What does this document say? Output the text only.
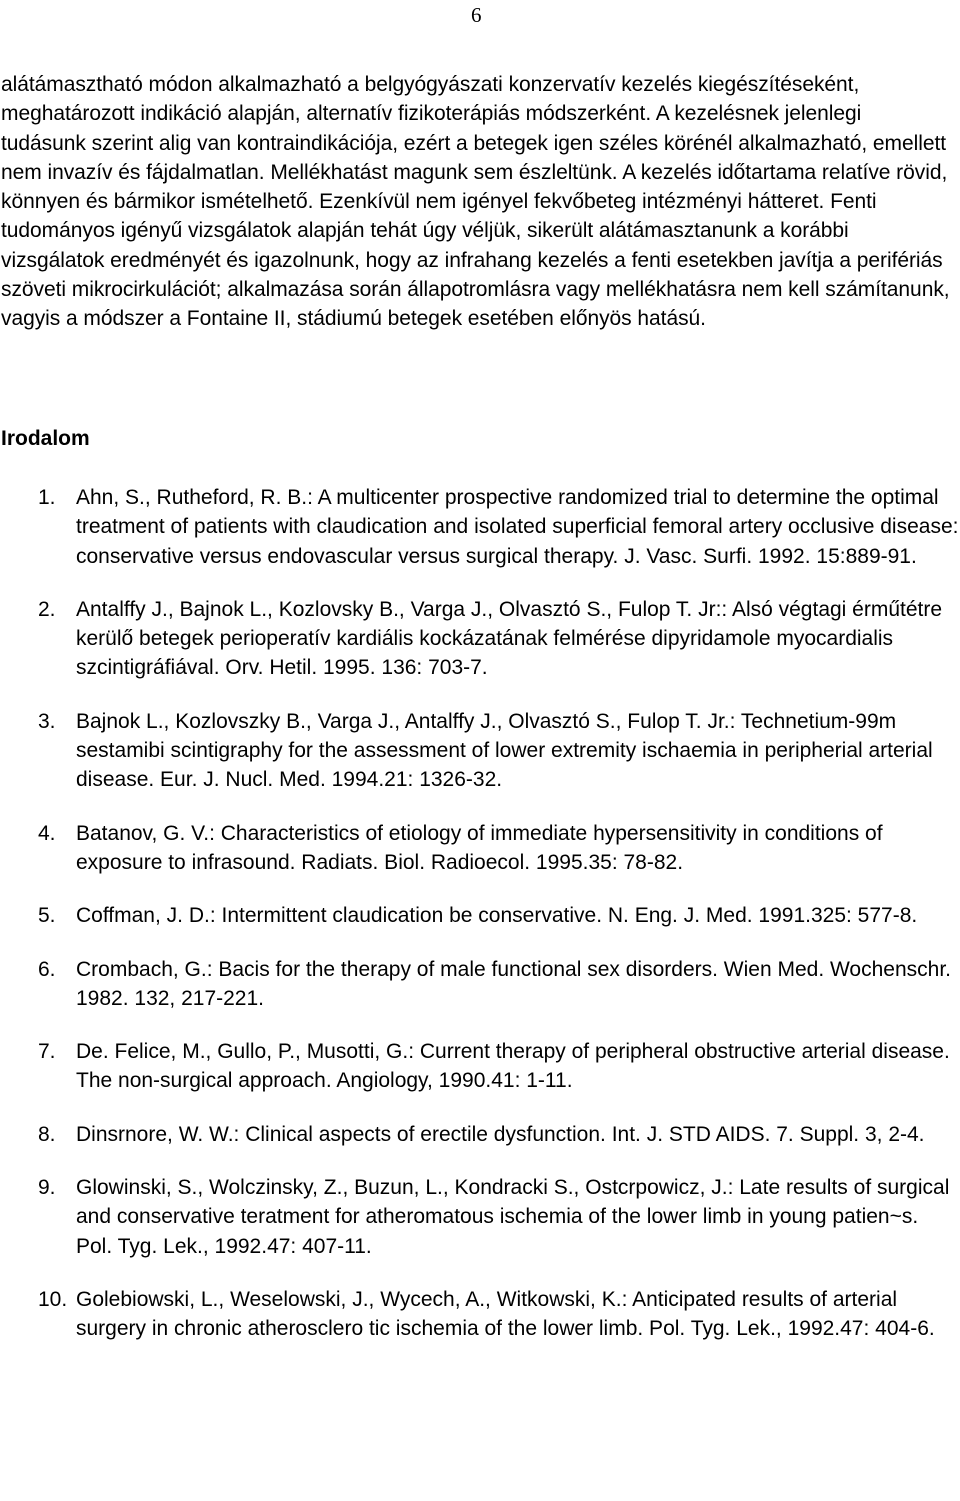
6

alátámasztható módon alkalmazható a belgyógyászati konzervatív kezelés kiegészítéseként, meghatározott indikáció alapján, alternatív fizikoterápiás módszerként. A kezelésnek jelenlegi tudásunk szerint alig van kontraindikációja, ezért a betegek igen széles körénél alkalmazható, emellett nem invazív és fájdalmatlan. Mellékhatást magunk sem észleltünk. A kezelés időtartama relatíve rövid, könnyen és bármikor ismételhető. Ezenkívül nem igényel fekvőbeteg intézményi hátteret. Fenti tudományos igényű vizsgálatok alapján tehát úgy véljük, sikerült alátámasztanunk a korábbi vizsgálatok eredményét és igazolnunk, hogy az infrahang kezelés a fenti esetekben javítja a perifériás szöveti mikrocirkulációt; alkalmazása során állapotromlásra vagy mellékhatásra nem kell számítanunk, vagyis a módszer a Fontaine II, stádiumú betegek esetében előnyös hatású.

Irodalom
1. Ahn, S., Rutheford, R. B.: A multicenter prospective randomized trial to determine the optimal treatment of patients with claudication and isolated superficial femoral artery occlusive disease: conservative versus endovascular versus surgical therapy. J. Vasc. Surfi. 1992. 15:889-91.
2. Antalffy J., Bajnok L., Kozlovsky B., Varga J., Olvasztó S., Fulop T. Jr:: Alsó végtagi érműtétre kerülő betegek perioperatív kardiális kockázatának felmérése dipyridamole myocardialis szcintigráfiával. Orv. Hetil. 1995. 136: 703-7.
3. Bajnok L., Kozlovszky B., Varga J., Antalffy J., Olvasztó S., Fulop T. Jr.: Technetium-99m sestamibi scintigraphy for the assessment of lower extremity ischaemia in peripherial arterial disease. Eur. J. Nucl. Med. 1994.21: 1326-32.
4. Batanov, G. V.: Characteristics of etiology of immediate hypersensitivity in conditions of exposure to infrasound. Radiats. Biol. Radioecol. 1995.35: 78-82.
5. Coffman, J. D.: Intermittent claudication be conservative. N. Eng. J. Med. 1991.325: 577-8.
6. Crombach, G.: Bacis for the therapy of male functional sex disorders. Wien Med. Wochenschr. 1982. 132, 217-221.
7. De. Felice, M., Gullo, P., Musotti, G.: Current therapy of peripheral obstructive arterial disease. The non-surgical approach. Angiology, 1990.41: 1-11.
8. Dinsrnore, W. W.: Clinical aspects of erectile dysfunction. Int. J. STD AIDS. 7. Suppl. 3, 2-4.
9. Glowinski, S., Wolczinsky, Z., Buzun, L., Kondracki S., Ostcrpowicz, J.: Late results of surgical and conservative teratment for atheromatous ischemia of the lower limb in young patien~s. Pol. Tyg. Lek., 1992.47: 407-11.
10. Golebiowski, L., Weselowski, J., Wycech, A., Witkowski, K.: Anticipated results of arterial surgery in chronic atherosclero tic ischemia of the lower limb. Pol. Tyg. Lek., 1992.47: 404-6.
